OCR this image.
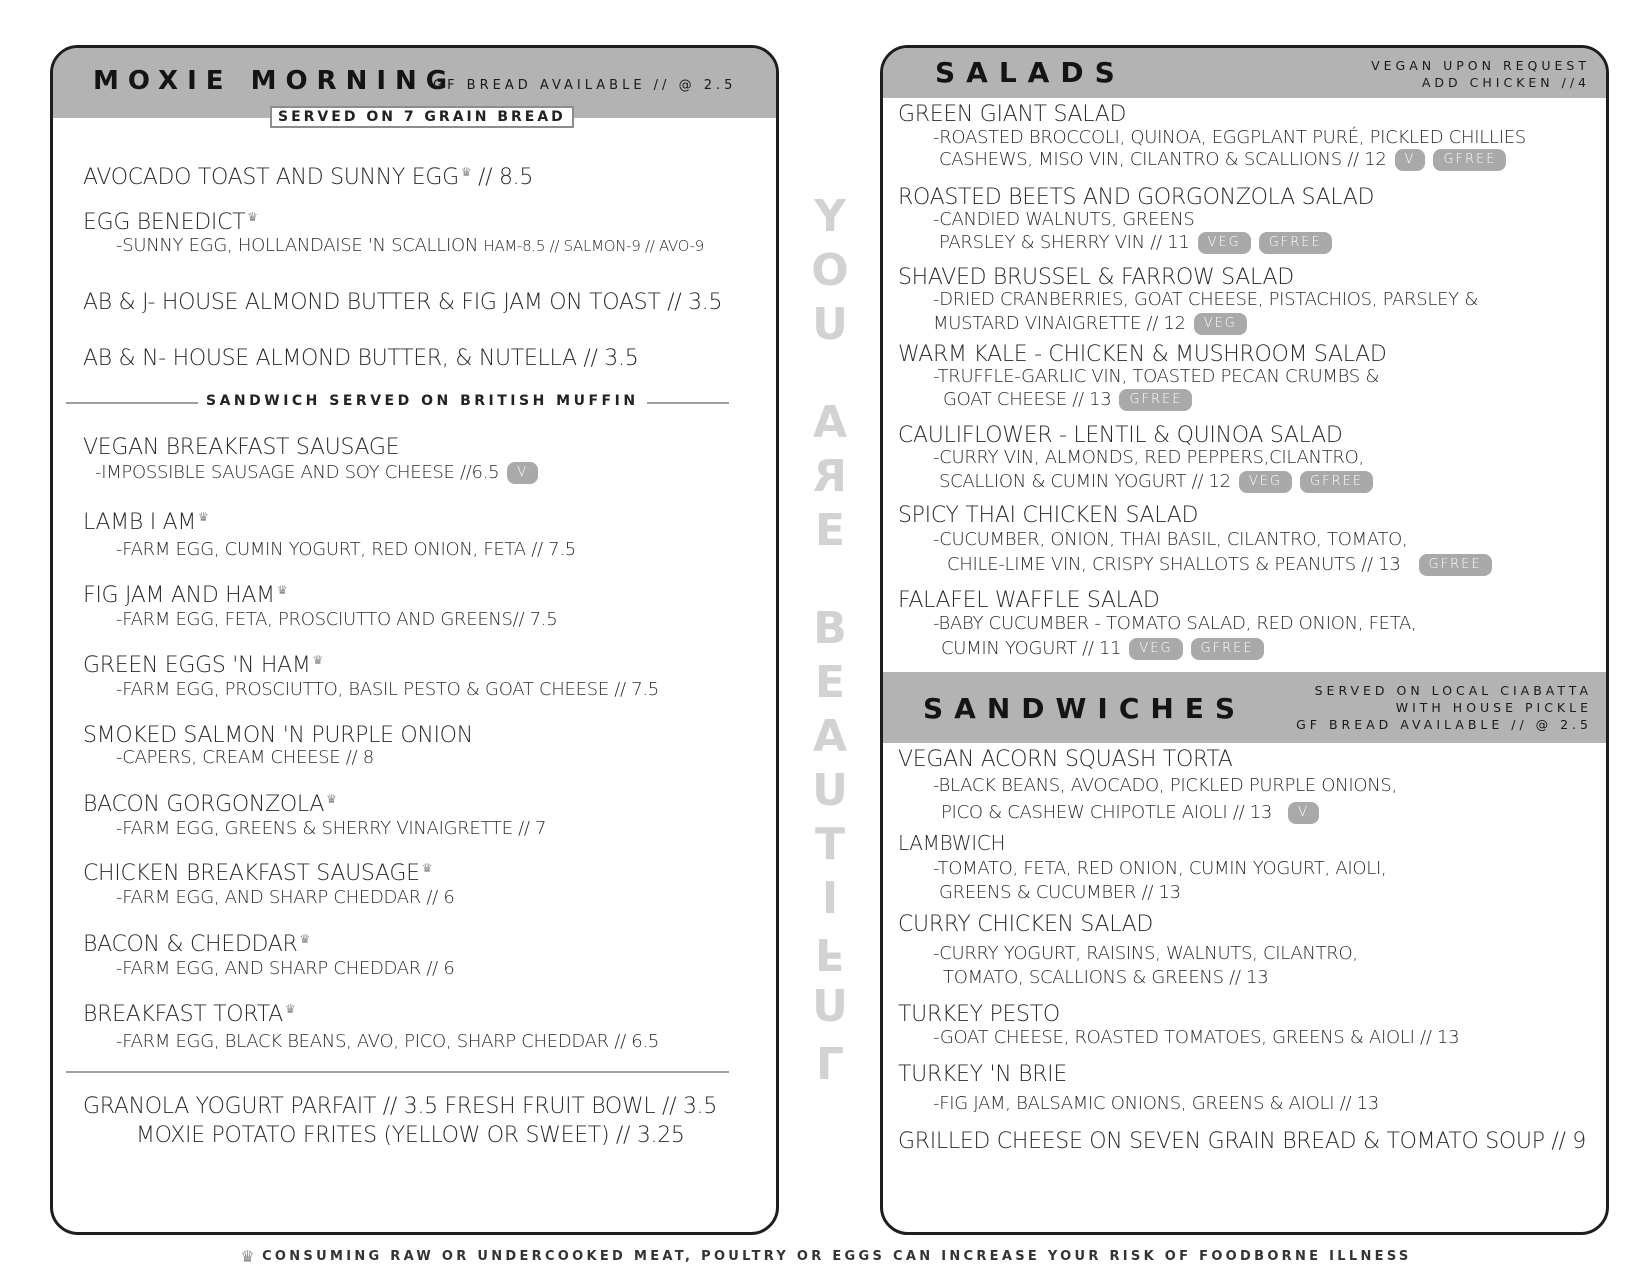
MOXIE MORNING
GF BREAD AVAILABLE // @ 2.5
SERVED ON 7 GRAIN BREAD
AVOCADO TOAST AND SUNNY EGG ♛ // 8.5
EGG BENEDICT ♛
-SUNNY EGG, HOLLANDAISE 'N SCALLION HAM-8.5 // SALMON-9 // AVO-9
AB & J- HOUSE ALMOND BUTTER & FIG JAM ON TOAST // 3.5
AB & N- HOUSE ALMOND BUTTER, & NUTELLA // 3.5
SANDWICH SERVED ON BRITISH MUFFIN
VEGAN BREAKFAST SAUSAGE
-IMPOSSIBLE SAUSAGE AND SOY CHEESE //6.5 V
LAMB I AM ♛
-FARM EGG, CUMIN YOGURT, RED ONION, FETA // 7.5
FIG JAM AND HAM ♛
-FARM EGG, FETA, PROSCIUTTO AND GREENS// 7.5
GREEN EGGS 'N HAM ♛
-FARM EGG, PROSCIUTTO, BASIL PESTO & GOAT CHEESE // 7.5
SMOKED SALMON 'N PURPLE ONION
-CAPERS, CREAM CHEESE // 8
BACON GORGONZOLA ♛
-FARM EGG, GREENS & SHERRY VINAIGRETTE // 7
CHICKEN BREAKFAST SAUSAGE ♛
-FARM EGG, AND SHARP CHEDDAR // 6
BACON & CHEDDAR ♛
-FARM EGG, AND SHARP CHEDDAR // 6
BREAKFAST TORTA ♛
-FARM EGG, BLACK BEANS, AVO, PICO, SHARP CHEDDAR // 6.5
GRANOLA YOGURT PARFAIT // 3.5 FRESH FRUIT BOWL // 3.5
MOXIE POTATO FRITES (YELLOW OR SWEET) // 3.25
Y
O
U
A
R
E
B
E
A
U
T
I
F
U
L
SALADS	VEGAN UPON REQUEST
ADD CHICKEN //4
GREEN GIANT SALAD
-ROASTED BROCCOLI, QUINOA, EGGPLANT PURÉ, PICKLED CHILLIES
CASHEWS, MISO VIN, CILANTRO & SCALLIONS // 12 V GFREE
ROASTED BEETS AND GORGONZOLA SALAD
-CANDIED WALNUTS, GREENS
PARSLEY & SHERRY VIN // 11 VEG GFREE
SHAVED BRUSSEL & FARROW SALAD
-DRIED CRANBERRIES, GOAT CHEESE, PISTACHIOS, PARSLEY &
MUSTARD VINAIGRETTE // 12 VEG
WARM KALE - CHICKEN & MUSHROOM SALAD
-TRUFFLE-GARLIC VIN, TOASTED PECAN CRUMBS &
GOAT CHEESE // 13 GFREE
CAULIFLOWER - LENTIL & QUINOA SALAD
-CURRY VIN, ALMONDS, RED PEPPERS,CILANTRO,
SCALLION & CUMIN YOGURT // 12 VEG GFREE
SPICY THAI CHICKEN SALAD
-CUCUMBER, ONION, THAI BASIL, CILANTRO, TOMATO,
CHILE-LIME VIN, CRISPY SHALLOTS & PEANUTS // 13 GFREE
FALAFEL WAFFLE SALAD
-BABY CUCUMBER - TOMATO SALAD, RED ONION, FETA,
CUMIN YOGURT // 11 VEG GFREE
SANDWICHES
SERVED ON LOCAL CIABATTA
WITH HOUSE PICKLE
GF BREAD AVAILABLE // @ 2.5
VEGAN ACORN SQUASH TORTA
-BLACK BEANS, AVOCADO, PICKLED PURPLE ONIONS,
PICO & CASHEW CHIPOTLE AIOLI // 13 V
LAMBWICH
-TOMATO, FETA, RED ONION, CUMIN YOGURT, AIOLI,
GREENS & CUCUMBER // 13
CURRY CHICKEN SALAD
-CURRY YOGURT, RAISINS, WALNUTS, CILANTRO,
TOMATO, SCALLIONS & GREENS // 13
TURKEY PESTO
-GOAT CHEESE, ROASTED TOMATOES, GREENS & AIOLI // 13
TURKEY 'N BRIE
-FIG JAM, BALSAMIC ONIONS, GREENS & AIOLI // 13
GRILLED CHEESE ON SEVEN GRAIN BREAD & TOMATO SOUP // 9
♛ CONSUMING RAW OR UNDERCOOKED MEAT, POULTRY OR EGGS CAN INCREASE YOUR RISK OF FOODBORNE ILLNESS
